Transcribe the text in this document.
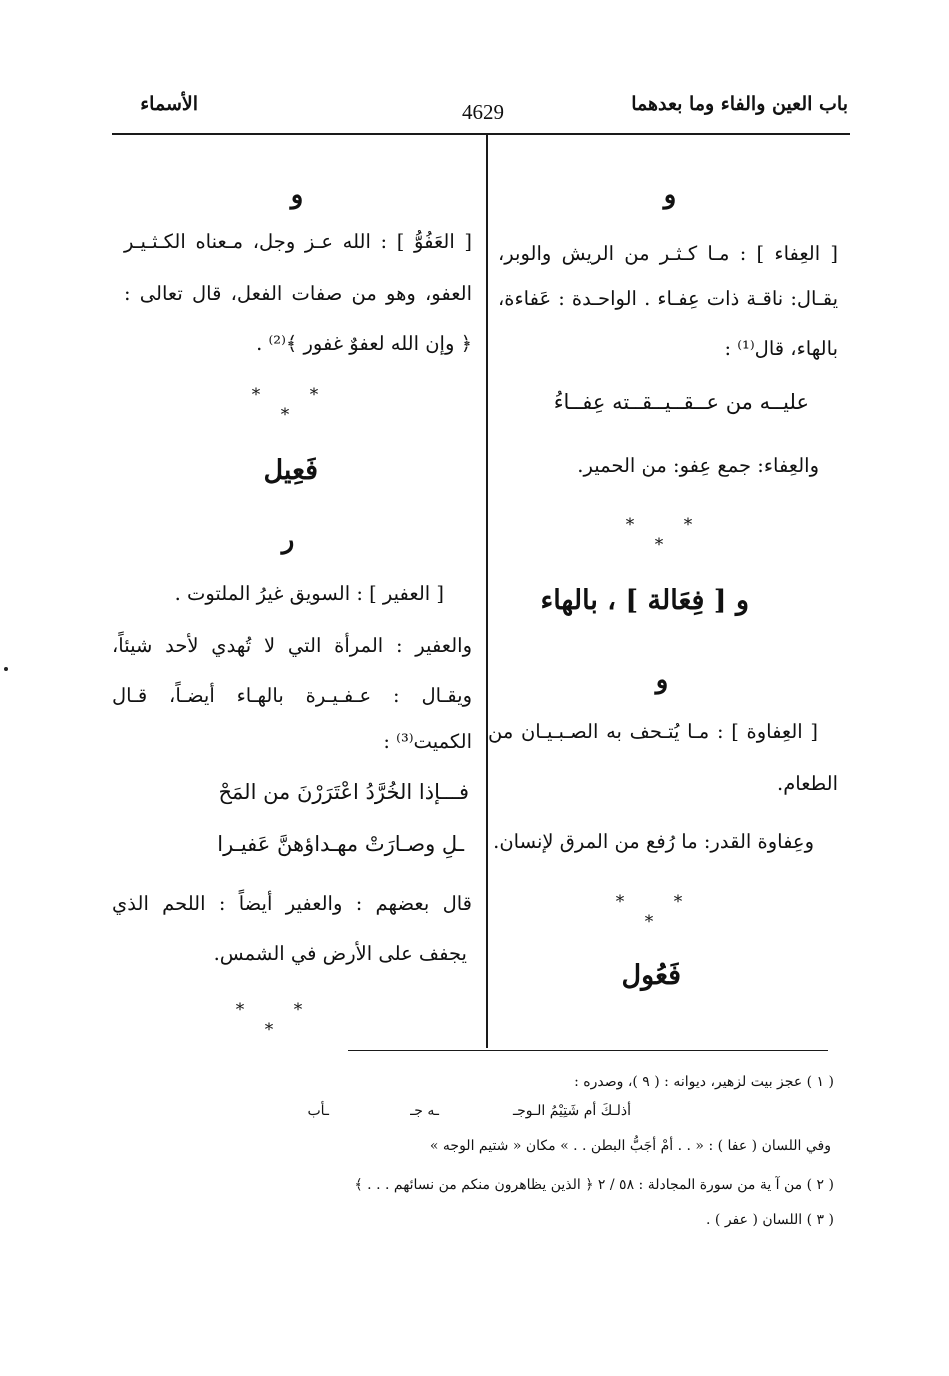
باب العين والفاء وما بعدهما
4629
الأسماء
و
[ العِفاء ] : مـا كـثـر من الريش والوبر،
يقـال: ناقـة ذات عِفـاء . الواحـدة : عَفاءة،
بالهاء، قال⁽¹⁾ :
عليــه من عــقــيــقــته عِفــاءُ
والعِفاء: جمع عِفو: من الحمير.
* * *
و [ فِعَالة ] ، بالهاء
و
[ العِفاوة ] : مـا يُتـحف به الصـبـيـان من
الطعام.
وعِفاوة القدر: ما رُفع من المرق لإنسان.
* * *
فَعُول
و
[ العَفُوُّ ] : الله عـز وجل، مـعناه الكـثـيـر
العفو، وهو من صفات الفعل، قال تعالى :
﴿ وإن الله لعفوٌ غفور ﴾⁽²⁾ .
* * *
فَعِيل
ر
[ العفير ] : السويق غيرُ الملتوت .
والعفير : المرأة التي لا تُهدي لأحد شيئاً،
ويقـال : عـفـيـرة بالهـاء أيضـاً، قـال
الكميت⁽³⁾ :
فـــإذا الخُرَّدُ اعْتَرَرْنَ من المَحْ
ـلِ وصـارَتْ مهـداؤهنَّ عَفيـرا
قال بعضهم : والعفير أيضاً : اللحم الذي
يجفف على الأرض في الشمس.
* * *
( ١ ) عجز بيت لزهير، ديوانه : ( ٩ )، وصدره :
أذلـكَ أم شَتِيْمُ الـوجـ
ـه جـ
ـأب
وفي اللسان ( عفا ) : « . . أمْ أجَبُّ البطن . . » مكان « شتيم الوجه »
( ٢ ) من آ ية من سورة المجادلة : ٥٨ / ٢ ﴿ الذين يظاهرون منكم من نسائهم . . . ﴾
( ٣ ) اللسان ( عفر ) .
